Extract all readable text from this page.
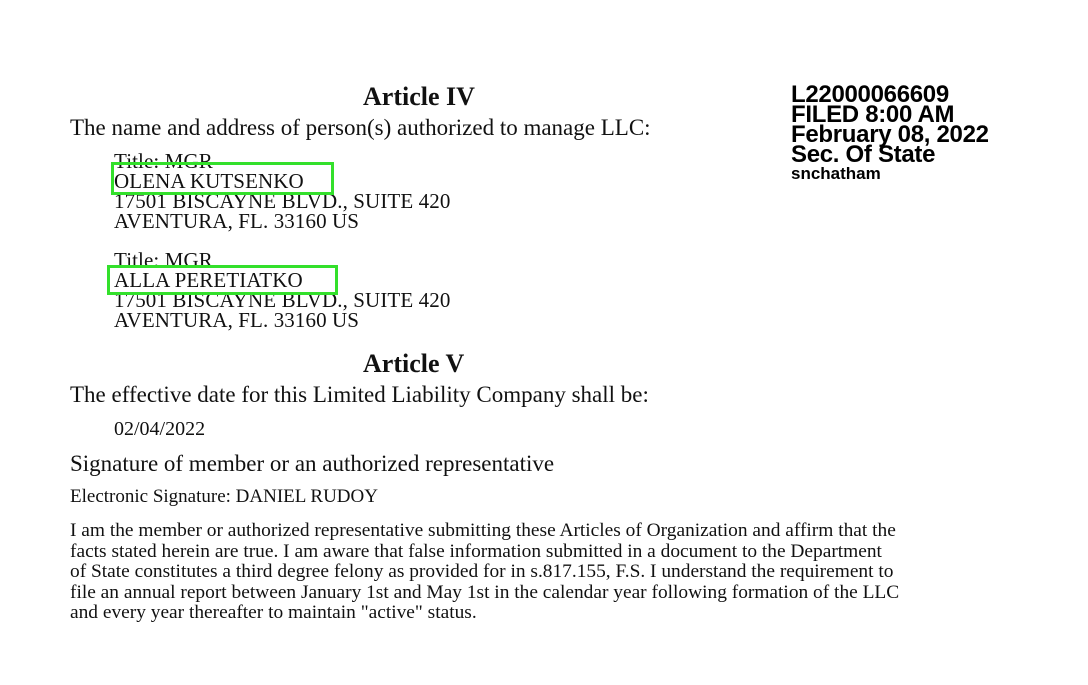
Article IV
The name and address of person(s) authorized to manage LLC:
Title: MGR
OLENA KUTSENKO
17501 BISCAYNE BLVD., SUITE 420
AVENTURA, FL. 33160 US
Title: MGR
ALLA PERETIATKO
17501 BISCAYNE BLVD., SUITE 420
AVENTURA, FL. 33160 US
L22000066609
FILED 8:00 AM
February 08, 2022
Sec. Of State
snchatham
Article V
The effective date for this Limited Liability Company shall be:
02/04/2022
Signature of member or an authorized representative
Electronic Signature: DANIEL RUDOY
I am the member or authorized representative submitting these Articles of Organization and affirm that the
facts stated herein are true. I am aware that false information submitted in a document to the Department
of State constitutes a third degree felony as provided for in s.817.155, F.S. I understand the requirement to
file an annual report between January 1st and May 1st in the calendar year following formation of the LLC
and every year thereafter to maintain "active" status.
